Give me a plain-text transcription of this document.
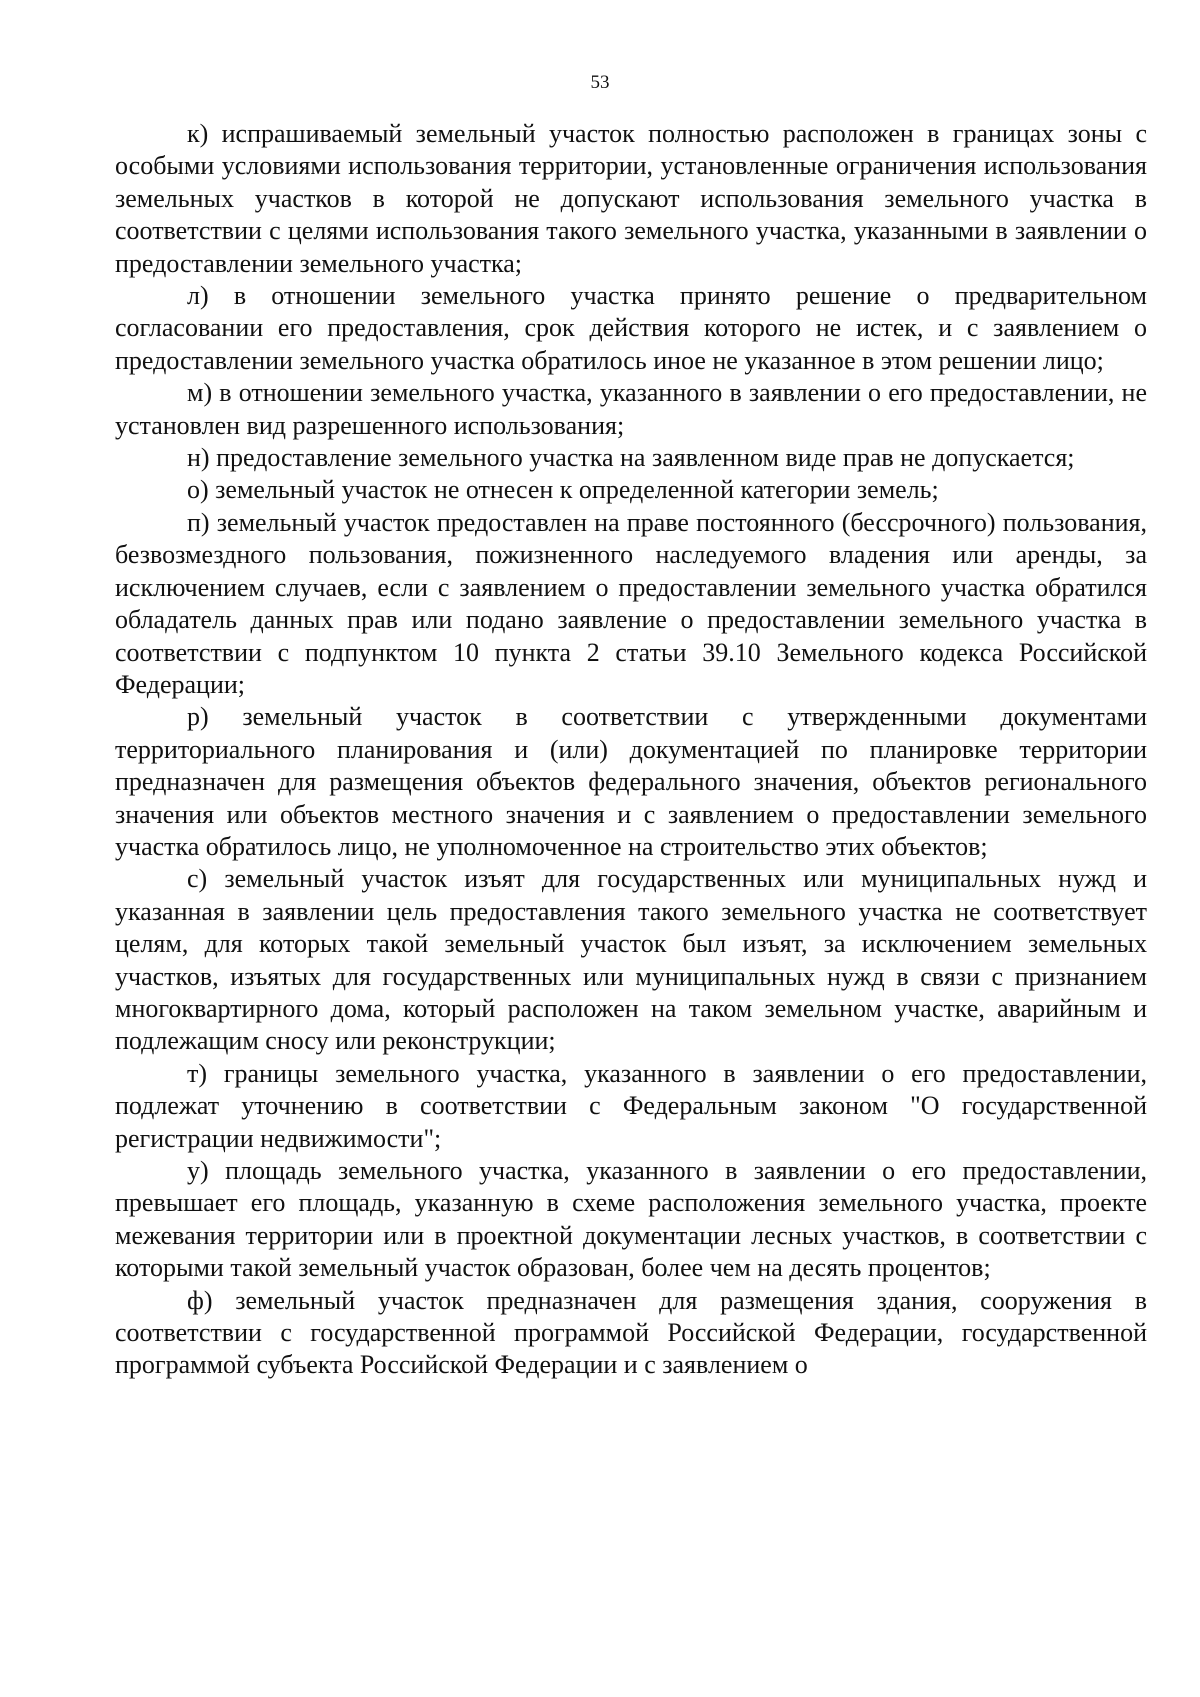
53

к) испрашиваемый земельный участок полностью расположен в границах зоны с особыми условиями использования территории, установленные ограничения использования земельных участков в которой не допускают использования земельного участка в соответствии с целями использования такого земельного участка, указанными в заявлении о предоставлении земельного участка;

л) в отношении земельного участка принято решение о предварительном согласовании его предоставления, срок действия которого не истек, и с заявлением о предоставлении земельного участка обратилось иное не указанное в этом решении лицо;

м) в отношении земельного участка, указанного в заявлении о его предоставлении, не установлен вид разрешенного использования;

н) предоставление земельного участка на заявленном виде прав не допускается;

о) земельный участок не отнесен к определенной категории земель;

п) земельный участок предоставлен на праве постоянного (бессрочного) пользования, безвозмездного пользования, пожизненного наследуемого владения или аренды, за исключением случаев, если с заявлением о предоставлении земельного участка обратился обладатель данных прав или подано заявление о предоставлении земельного участка в соответствии с подпунктом 10 пункта 2 статьи 39.10 Земельного кодекса Российской Федерации;

р) земельный участок в соответствии с утвержденными документами территориального планирования и (или) документацией по планировке территории предназначен для размещения объектов федерального значения, объектов регионального значения или объектов местного значения и с заявлением о предоставлении земельного участка обратилось лицо, не уполномоченное на строительство этих объектов;

с) земельный участок изъят для государственных или муниципальных нужд и указанная в заявлении цель предоставления такого земельного участка не соответствует целям, для которых такой земельный участок был изъят, за исключением земельных участков, изъятых для государственных или муниципальных нужд в связи с признанием многоквартирного дома, который расположен на таком земельном участке, аварийным и подлежащим сносу или реконструкции;

т) границы земельного участка, указанного в заявлении о его предоставлении, подлежат уточнению в соответствии с Федеральным законом "О государственной регистрации недвижимости";

у) площадь земельного участка, указанного в заявлении о его предоставлении, превышает его площадь, указанную в схеме расположения земельного участка, проекте межевания территории или в проектной документации лесных участков, в соответствии с которыми такой земельный участок образован, более чем на десять процентов;

ф) земельный участок предназначен для размещения здания, сооружения в соответствии с государственной программой Российской Федерации, государственной программой субъекта Российской Федерации и с заявлением о
